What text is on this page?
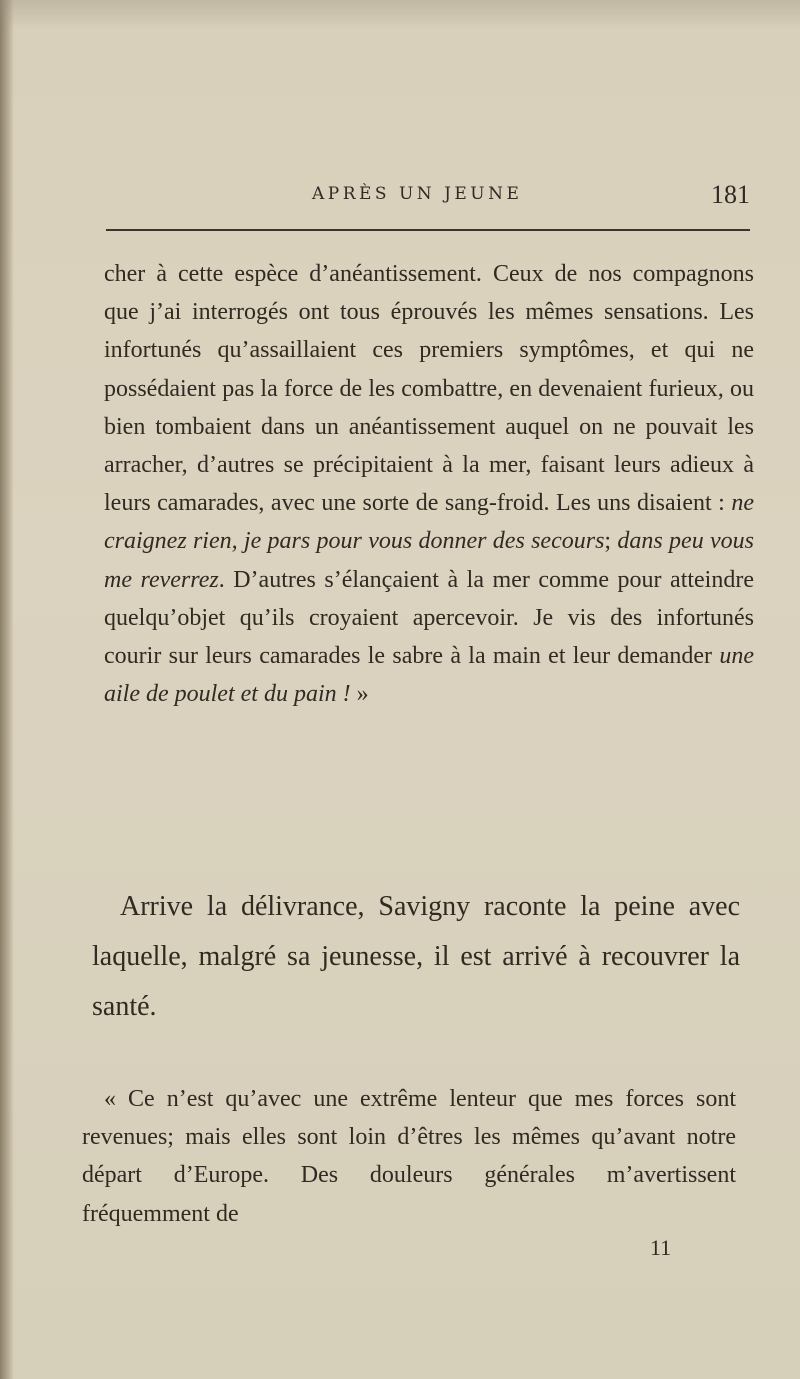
APRÈS UN JEUNE	181

cher à cette espèce d’anéantissement. Ceux de nos compagnons que j’ai interrogés ont tous éprouvés les mêmes sensations. Les infortunés qu’assaillaient ces premiers symptômes, et qui ne possédaient pas la force de les combattre, en devenaient furieux, ou bien tombaient dans un anéantissement auquel on ne pouvait les arracher, d’autres se précipitaient à la mer, faisant leurs adieux à leurs camarades, avec une sorte de sang-froid. Les uns disaient : ne craignez rien, je pars pour vous donner des secours; dans peu vous me reverrez. D’autres s’élançaient à la mer comme pour atteindre quelqu’objet qu’ils croyaient apercevoir. Je vis des infortunés courir sur leurs camarades le sabre à la main et leur demander une aile de poulet et du pain ! »

Arrive la délivrance, Savigny raconte la peine avec laquelle, malgré sa jeunesse, il est arrivé à recouvrer la santé.

« Ce n’est qu’avec une extrême lenteur que mes forces sont revenues; mais elles sont loin d’êtres les mêmes qu’avant notre départ d’Europe. Des douleurs générales m’avertissent fréquemment de

11
